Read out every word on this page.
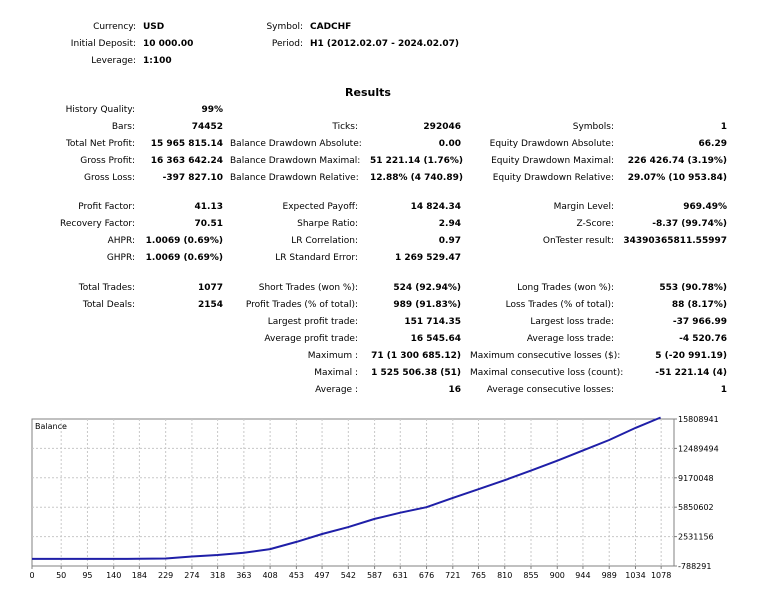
Currency: USD
Initial Deposit: 10 000.00
Leverage: 1:100
Symbol: CADCHF
Period: H1 (2012.02.07 - 2024.02.07)
Results
History Quality:	99%
Bars:	74452	Ticks:	292046	Symbols:	1
Total Net Profit:	15 965 815.14 Balance Drawdown Absolute:	0.00	Equity Drawdown Absolute:	66.29
Gross Profit:	16 363 642.24 Balance Drawdown Maximal: 51 221.14 (1.76%)	Equity Drawdown Maximal:	226 426.74 (3.19%)
Gross Loss:	-397 827.10 Balance Drawdown Relative: 12.88% (4 740.89)	Equity Drawdown Relative:	29.07% (10 953.84)
Profit Factor:	41.13	Expected Payoff:	14 824.34	Margin Level:	969.49%
Recovery Factor:	70.51	Sharpe Ratio:	2.94	Z-Score:	-8.37 (99.74%)
AHPR: 1.0069 (0.69%)	LR Correlation:	0.97	OnTester result:	34390365811.55997
GHPR: 1.0069 (0.69%)	LR Standard Error:	1 269 529.47
Total Trades:	1077	Short Trades (won %):	524 (92.94%)	Long Trades (won %):	553 (90.78%)
Total Deals:	2154	Profit Trades (% of total):	989 (91.83%)	Loss Trades (% of total):	88 (8.17%)
Largest profit trade:	151 714.35	Largest loss trade:	-37 966.99
Average profit trade:	16 545.64	Average loss trade:	-4 520.76
Maximum : 71 (1 300 685.12) Maximum consecutive losses ($):	5 (-20 991.19)
Maximal : 1 525 506.38 (51) Maximal consecutive loss (count):	-51 221.14 (4)
Average :	16	Average consecutive losses:	1
15808941
12489494
9170048
5850602
2531156
-788291
0	50 95 140 184 229 274 318 363 408 453 497 542 587 631 676 721 765 810 855 900 944 989 1034 1078
Balance
